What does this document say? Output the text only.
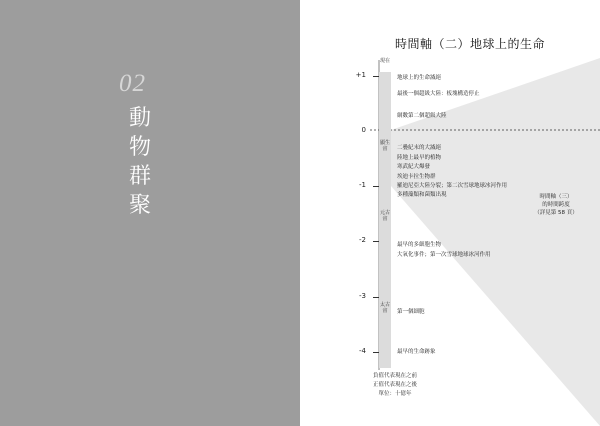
02
動
物
群
聚
時間軸（二）地球上的生命
現在
+1
0
-1
-2
-3
-4
顯生宙
元古宙
太古宙
地球上的生命滅絕
最後一個超級大陸：板塊構造停止
網數第二個超級大陸
二疊紀末的大滅絕
陸地上最早的植物
寒武紀大爆發
埃迪卡拉生物群
羅迪尼亞大陸分裂；第二次雪球地球冰河作用
多種藻類和菌類出現
最早的多細胞生物
大氧化事件；第一次雪球地球冰河作用
第一個細胞
最早的生命跡象
時間軸（三）
的時間跨度
（詳見第 58 頁）
負值代表現在之前
正值代表現在之後
單位：十億年
